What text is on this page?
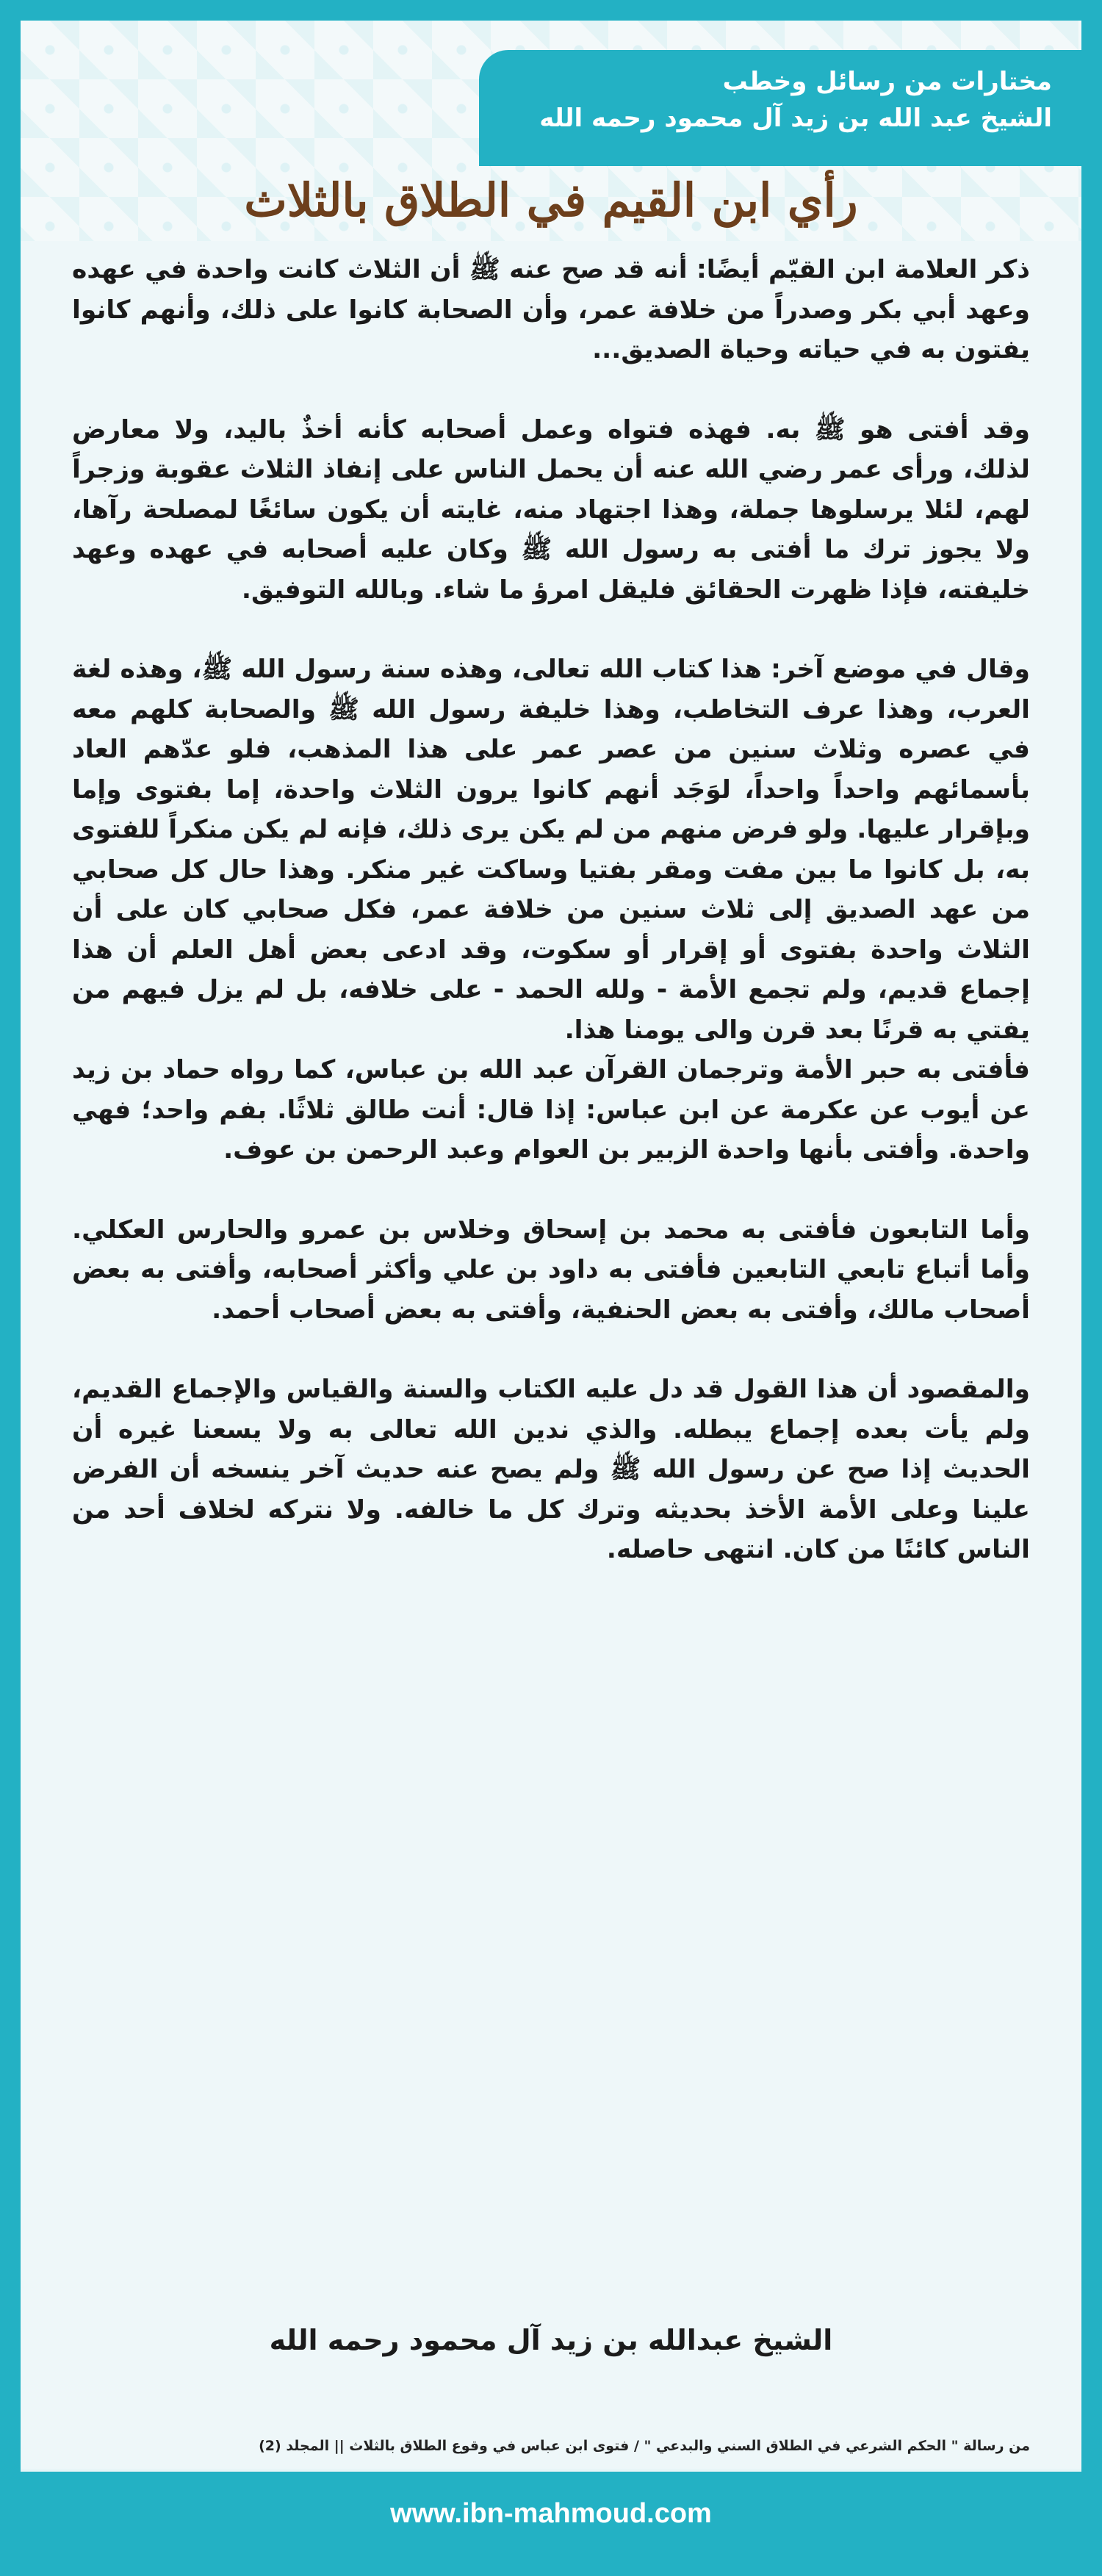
مختارات من رسائل وخطب
الشيخ عبد الله بن زيد آل محمود رحمه الله
رأي ابن القيم في الطلاق بالثلاث

ذكر العلامة ابن القيّم أيضًا: أنه قد صح عنه ﷺ أن الثلاث كانت واحدة في عهده وعهد أبي بكر وصدراً من خلافة عمر، وأن الصحابة كانوا على ذلك، وأنهم كانوا يفتون به في حياته وحياة الصديق...

وقد أفتى هو ﷺ به. فهذه فتواه وعمل أصحابه كأنه أخذٌ باليد، ولا معارض لذلك، ورأى عمر رضي الله عنه أن يحمل الناس على إنفاذ الثلاث عقوبة وزجراً لهم، لئلا يرسلوها جملة، وهذا اجتهاد منه، غايته أن يكون سائغًا لمصلحة رآها، ولا يجوز ترك ما أفتى به رسول الله ﷺ وكان عليه أصحابه في عهده وعهد خليفته، فإذا ظهرت الحقائق فليقل امرؤ ما شاء. وبالله التوفيق.

وقال في موضع آخر: هذا كتاب الله تعالى، وهذه سنة رسول الله ﷺ، وهذه لغة العرب، وهذا عرف التخاطب، وهذا خليفة رسول الله ﷺ والصحابة كلهم معه في عصره وثلاث سنين من عصر عمر على هذا المذهب، فلو عدّهم العاد بأسمائهم واحداً واحداً، لوَجَد أنهم كانوا يرون الثلاث واحدة، إما بفتوى وإما وبإقرار عليها. ولو فرض منهم من لم يكن يرى ذلك، فإنه لم يكن منكراً للفتوى به، بل كانوا ما بين مفت ومقر بفتيا وساكت غير منكر. وهذا حال كل صحابي من عهد الصديق إلى ثلاث سنين من خلافة عمر، فكل صحابي كان على أن الثلاث واحدة بفتوى أو إقرار أو سكوت، وقد ادعى بعض أهل العلم أن هذا إجماع قديم، ولم تجمع الأمة - ولله الحمد - على خلافه، بل لم يزل فيهم من يفتي به قرنًا بعد قرن والى يومنا هذا.

فأفتى به حبر الأمة وترجمان القرآن عبد الله بن عباس، كما رواه حماد بن زيد عن أيوب عن عكرمة عن ابن عباس: إذا قال: أنت طالق ثلاثًا. بفم واحد؛ فهي واحدة. وأفتى بأنها واحدة الزبير بن العوام وعبد الرحمن بن عوف.

وأما التابعون فأفتى به محمد بن إسحاق وخلاس بن عمرو والحارس العكلي. وأما أتباع تابعي التابعين فأفتى به داود بن علي وأكثر أصحابه، وأفتى به بعض أصحاب مالك، وأفتى به بعض الحنفية، وأفتى به بعض أصحاب أحمد.

والمقصود أن هذا القول قد دل عليه الكتاب والسنة والقياس والإجماع القديم، ولم يأت بعده إجماع يبطله. والذي ندين الله تعالى به ولا يسعنا غيره أن الحديث إذا صح عن رسول الله ﷺ ولم يصح عنه حديث آخر ينسخه أن الفرض علينا وعلى الأمة الأخذ بحديثه وترك كل ما خالفه. ولا نتركه لخلاف أحد من الناس كائنًا من كان. انتهى حاصله.

الشيخ عبدالله بن زيد آل محمود رحمه الله
من رسالة " الحكم الشرعي في الطلاق السني والبدعي " / فتوى ابن عباس في وقوع الطلاق بالثلاث || المجلد (2)
www.ibn-mahmoud.com
